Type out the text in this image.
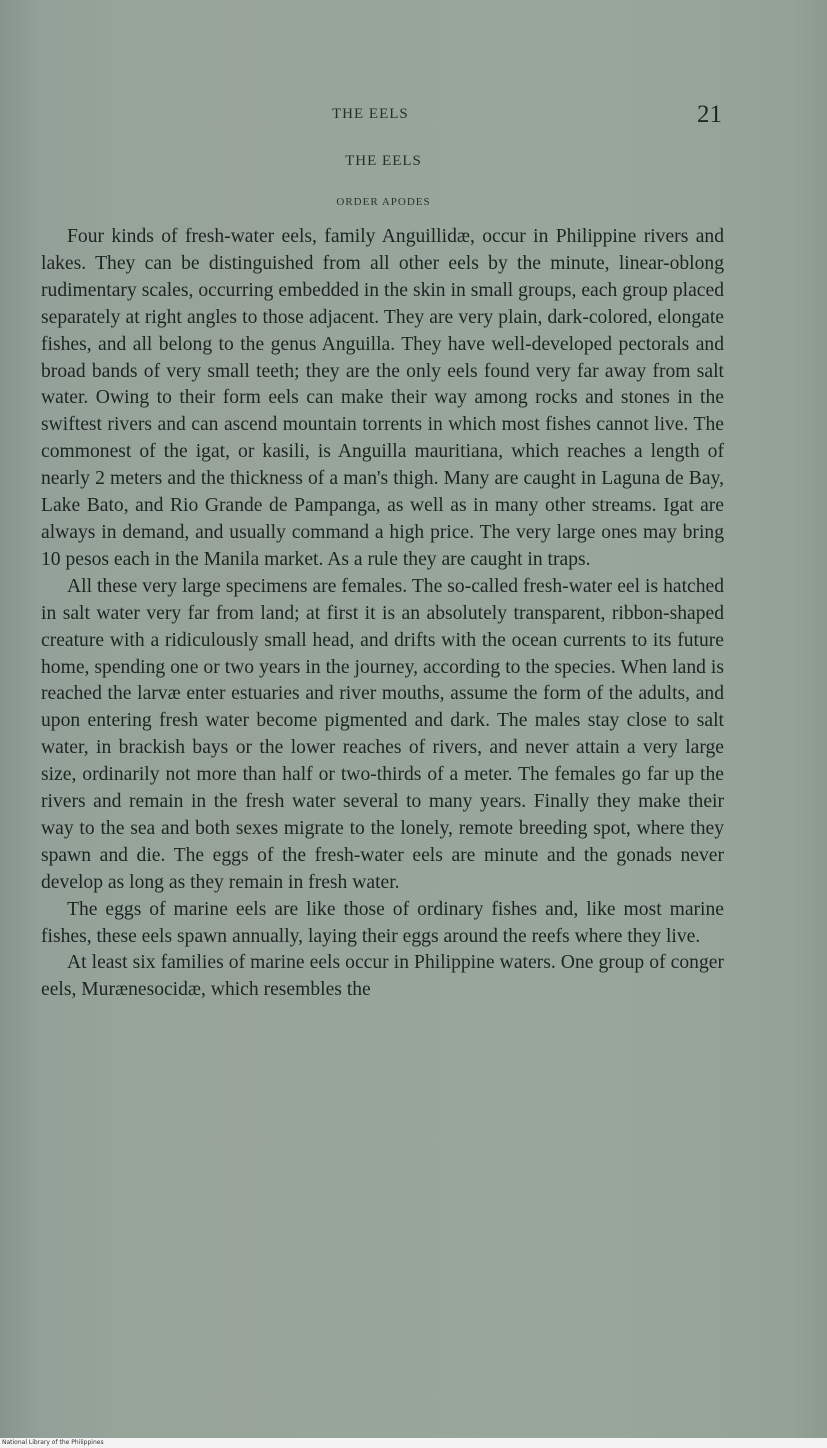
THE EELS	21
THE EELS
ORDER APODES

Four kinds of fresh-water eels, family Anguillidæ, occur in Philippine rivers and lakes. They can be distinguished from all other eels by the minute, linear-oblong rudimentary scales, occurring embedded in the skin in small groups, each group placed separately at right angles to those adjacent. They are very plain, dark-colored, elongate fishes, and all belong to the genus Anguilla. They have well-developed pectorals and broad bands of very small teeth; they are the only eels found very far away from salt water. Owing to their form eels can make their way among rocks and stones in the swiftest rivers and can ascend mountain torrents in which most fishes cannot live. The commonest of the igat, or kasili, is Anguilla mauritiana, which reaches a length of nearly 2 meters and the thickness of a man's thigh. Many are caught in Laguna de Bay, Lake Bato, and Rio Grande de Pampanga, as well as in many other streams. Igat are always in demand, and usually command a high price. The very large ones may bring 10 pesos each in the Manila market. As a rule they are caught in traps.

All these very large specimens are females. The so-called fresh-water eel is hatched in salt water very far from land; at first it is an absolutely transparent, ribbon-shaped creature with a ridiculously small head, and drifts with the ocean currents to its future home, spending one or two years in the journey, according to the species. When land is reached the larvæ enter estuaries and river mouths, assume the form of the adults, and upon entering fresh water become pigmented and dark. The males stay close to salt water, in brackish bays or the lower reaches of rivers, and never attain a very large size, ordinarily not more than half or two-thirds of a meter. The females go far up the rivers and remain in the fresh water several to many years. Finally they make their way to the sea and both sexes migrate to the lonely, remote breeding spot, where they spawn and die. The eggs of the fresh-water eels are minute and the gonads never develop as long as they remain in fresh water.

The eggs of marine eels are like those of ordinary fishes and, like most marine fishes, these eels spawn annually, laying their eggs around the reefs where they live.

At least six families of marine eels occur in Philippine waters. One group of conger eels, Murænesocidæ, which resembles the

National Library of the Philippines
